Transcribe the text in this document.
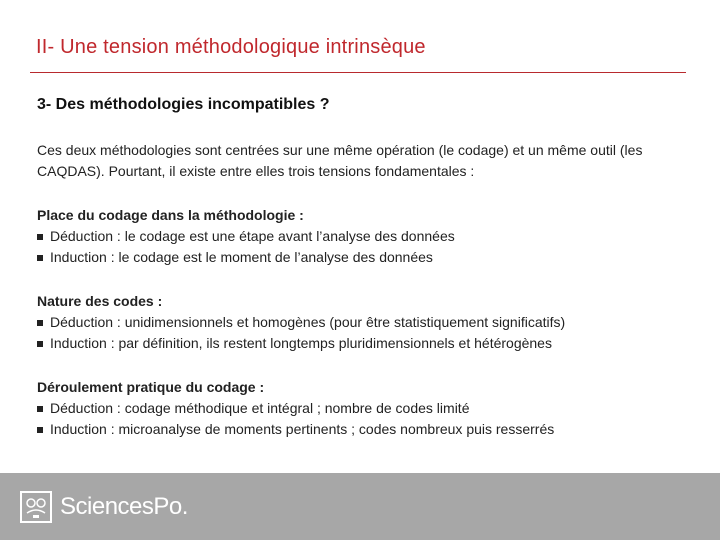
II- Une tension méthodologique intrinsèque
3- Des méthodologies incompatibles ?
Ces deux méthodologies sont centrées sur une même opération (le codage) et un même outil (les CAQDAS). Pourtant, il existe entre elles trois tensions fondamentales :
Place du codage dans la méthodologie :
Déduction : le codage est une étape avant l’analyse des données
Induction : le codage est le moment de l’analyse des données
Nature des codes :
Déduction : unidimensionnels et homogènes (pour être statistiquement significatifs)
Induction : par définition, ils restent longtemps pluridimensionnels et hétérogènes
Déroulement pratique du codage :
Déduction : codage méthodique et intégral ; nombre de codes limité
Induction : microanalyse de moments pertinents ; codes nombreux puis resserrés
SciencesPo.
